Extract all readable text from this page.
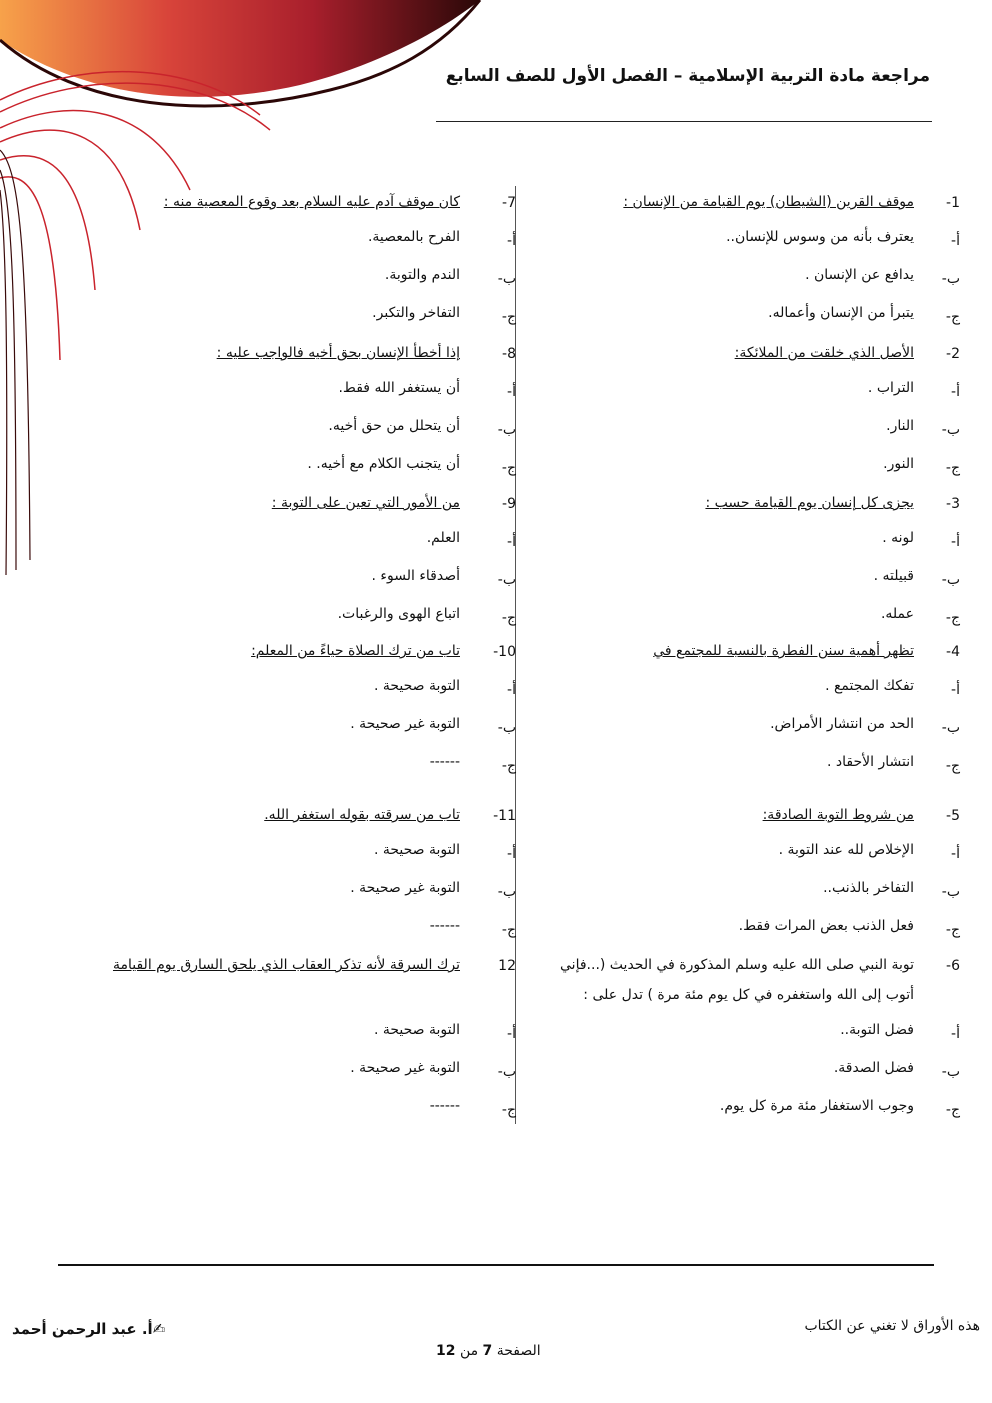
مراجعة مادة التربية الإسلامية – الفصل الأول للصف السابع
-1
موقف القرين (الشيطان) يوم القيامة من الإنسان :
أ-
يعترف بأنه من وسوس للإنسان..
ب-
يدافع عن الإنسان .
ج-
يتبرأ من الإنسان وأعماله.
-2
الأصل الذي خلقت من الملائكة:
أ-
التراب .
ب-
النار.
ج-
النور.
-3
يجزى كل إنسان يوم القيامة حسب :
أ-
لونه .
ب-
قبيلته .
ج-
عمله.
-4
تظهر أهمية سنن الفطرة بالنسبة للمجتمع في
أ-
تفكك المجتمع .
ب-
الحد من انتشار الأمراض.
ج-
انتشار الأحقاد .
-5
من شروط التوبة الصادقة:
أ-
الإخلاص لله عند التوبة .
ب-
التفاخر بالذنب..
ج-
فعل الذنب بعض المرات فقط.
-6
توبة النبي صلى الله عليه وسلم المذكورة في الحديث (...فإني أتوب إلى الله واستغفره في كل يوم مئة مرة ) تدل على :
أ-
فضل التوبة..
ب-
فضل الصدقة.
ج-
وجوب الاستغفار مئة مرة كل يوم.
-7
كان موقف آدم عليه السلام بعد وقوع المعصية منه :
أ-
الفرح بالمعصية.
ب-
الندم والتوبة.
ج-
التفاخر والتكبر.
-8
إذا أخطأ الإنسان بحق أخيه فالواجب عليه :
أ-
أن يستغفر الله فقط.
ب-
أن يتحلل من حق أخيه.
ج-
أن يتجنب الكلام مع أخيه. .
-9
من الأمور التي تعين على التوبة :
أ-
العلم.
ب-
أصدقاء السوء .
ج-
اتباع الهوى والرغبات.
-10
تاب من ترك الصلاة حياءً من المعلم:
أ-
التوبة صحيحة .
ب-
التوبة غير صحيحة .
ج-
------
-11
تاب من سرقته بقوله استغفر الله.
أ-
التوبة صحيحة .
ب-
التوبة غير صحيحة .
ج-
------
12
ترك السرقة لأنه تذكر العقاب الذي يلحق السارق يوم القيامة
أ-
التوبة صحيحة .
ب-
التوبة غير صحيحة .
ج-
------
هذه الأوراق لا تغني عن الكتاب
✍أ. عبد الرحمن أحمد
الصفحة 7 من 12
